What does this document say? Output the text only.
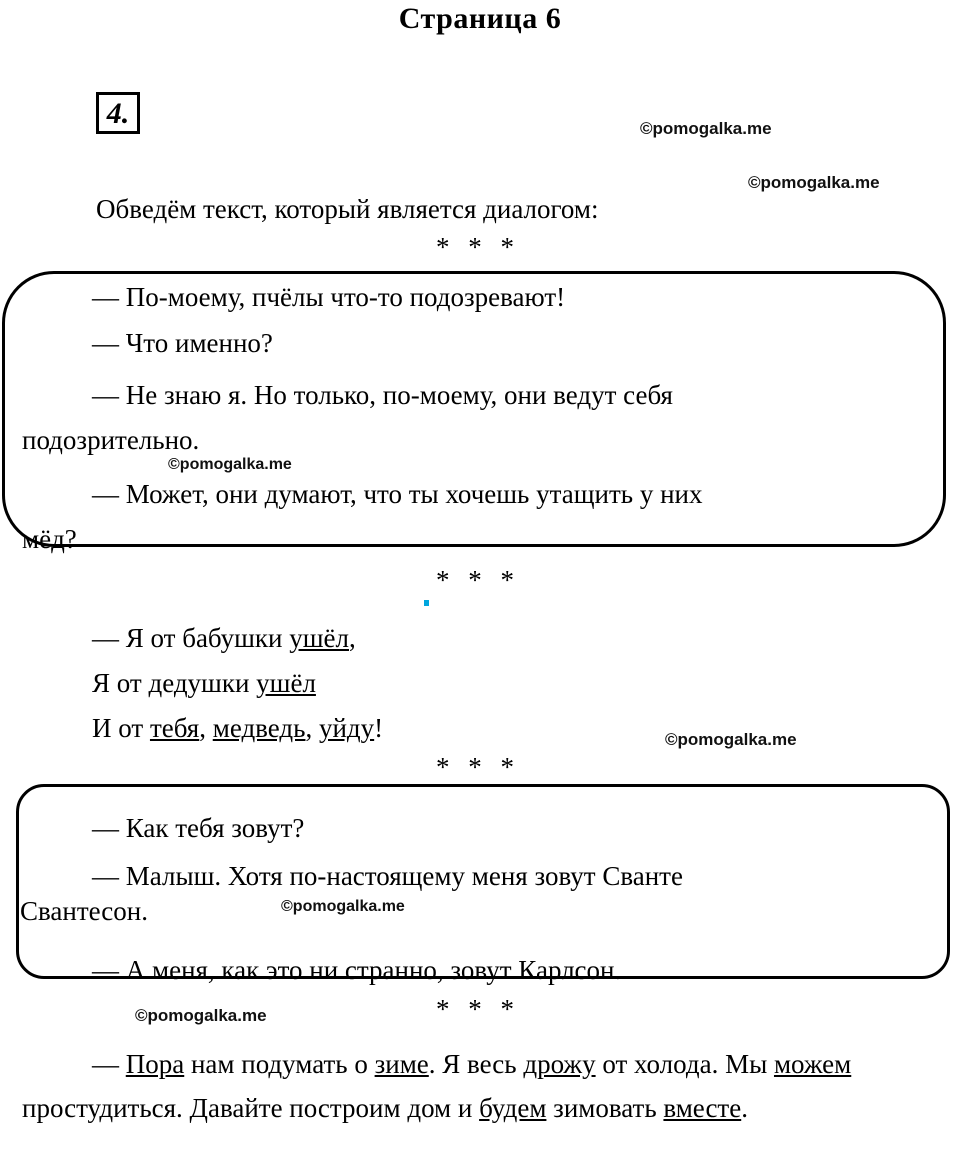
Страница 6
4.
Обведём текст, который является диалогом:
* * *
— По-моему, пчёлы что-то подозревают!
— Что именно?
— Не знаю я. Но только, по-моему, они ведут себя
подозрительно.
— Может, они думают, что ты хочешь утащить у них
мёд?
* * *
— Я от бабушки ушёл,
Я от дедушки ушёл
И от тебя, медведь, уйду!
* * *
— Как тебя зовут?
— Малыш. Хотя по-настоящему меня зовут Сванте
Свантесон.
— А меня, как это ни странно, зовут Карлсон.
* * *
— Пора нам подумать о зиме. Я весь дрожу от холода. Мы можем простудиться. Давайте построим дом и будем зимовать вместе.
©pomogalka.me
©pomogalka.me
©pomogalka.me
©pomogalka.me
©pomogalka.me
©pomogalka.me
